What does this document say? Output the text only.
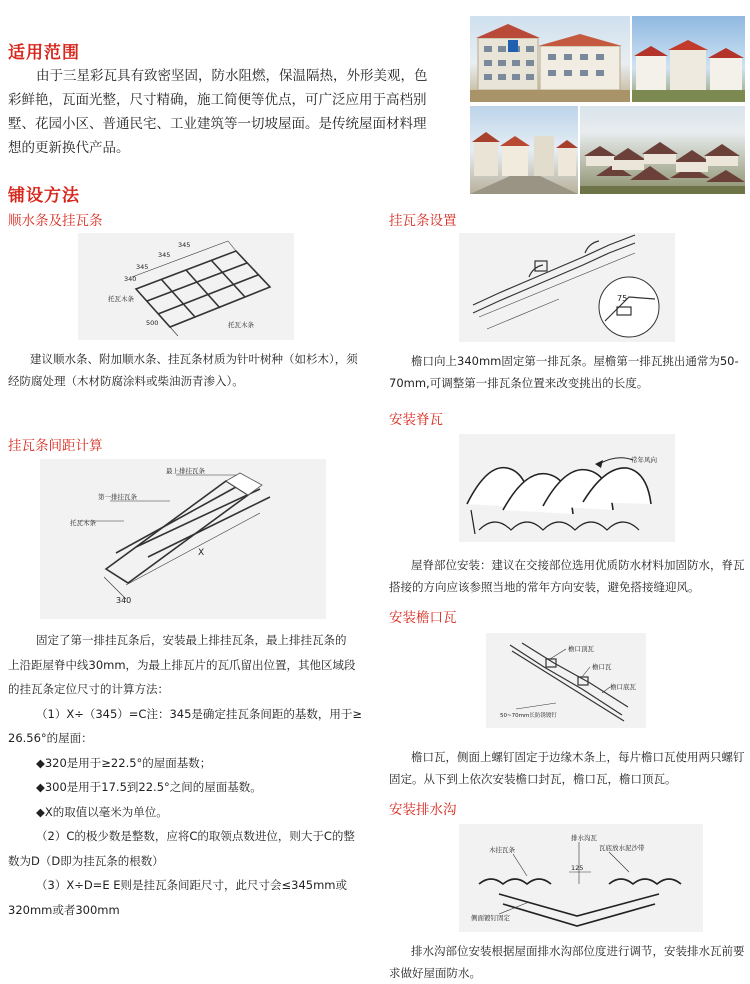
适用范围
由于三星彩瓦具有致密坚固，防水阻燃，保温隔热，外形美观，色彩鲜艳，瓦面光整，尺寸精确，施工简便等优点，可广泛应用于高档别墅、花园小区、普通民宅、工业建筑等一切坡屋面。是传统屋面材料理想的更新换代产品。
铺设方法
顺水条及挂瓦条
345
345
345
340
托瓦木条
500	托瓦木条
建议顺水条、附加顺水条、挂瓦条材质为针叶树种（如杉木），须经防腐处理（木材防腐涂料或柴油沥青渗入）。
挂瓦条间距计算
最上排挂瓦条
第一排挂瓦条
托瓦木条
X
340
固定了第一排挂瓦条后，安装最上排挂瓦条，最上排挂瓦条的
上沿距屋脊中线30mm，为最上排瓦片的瓦爪留出位置，其他区域段
的挂瓦条定位尺寸的计算方法：
（1）X÷（345）=C注：345是确定挂瓦条间距的基数，用于≥
26.56°的屋面：
◆320是用于≥22.5°的屋面基数；
◆300是用于17.5到22.5°之间的屋面基数。
◆X的取值以毫米为单位。
（2）C的极少数是整数，应将C的取领点数进位，则大于C的整
数为D（D即为挂瓦条的根数）
（3）X÷D=E E则是挂瓦条间距尺寸，此尺寸会≤345mm或
320mm或者300mm
挂瓦条设置
75
檐口向上340mm固定第一排瓦条。屋檐第一排瓦挑出通常为50-70mm,可调整第一排瓦条位置来改变挑出的长度。
安装脊瓦
常年风向
屋脊部位安装：建议在交接部位选用优质防水材料加固防水，脊瓦搭接的方向应该参照当地的常年方向安装，避免搭接缝迎风。
安装檐口瓦
檐口顶瓦
檐口瓦
檐口底瓦
50~70mm长防锈镀钉
檐口瓦，侧面上螺钉固定于边缘木条上，每片檐口瓦使用两只螺钉固定。从下到上依次安装檐口封瓦，檐口瓦，檐口顶瓦。
安装排水沟
木挂瓦条
排水沟瓦
瓦底放水泥沙带
125
侧面镀钉固定
排水沟部位安装根据屋面排水沟部位度进行调节，安装排水瓦前要求做好屋面防水。
